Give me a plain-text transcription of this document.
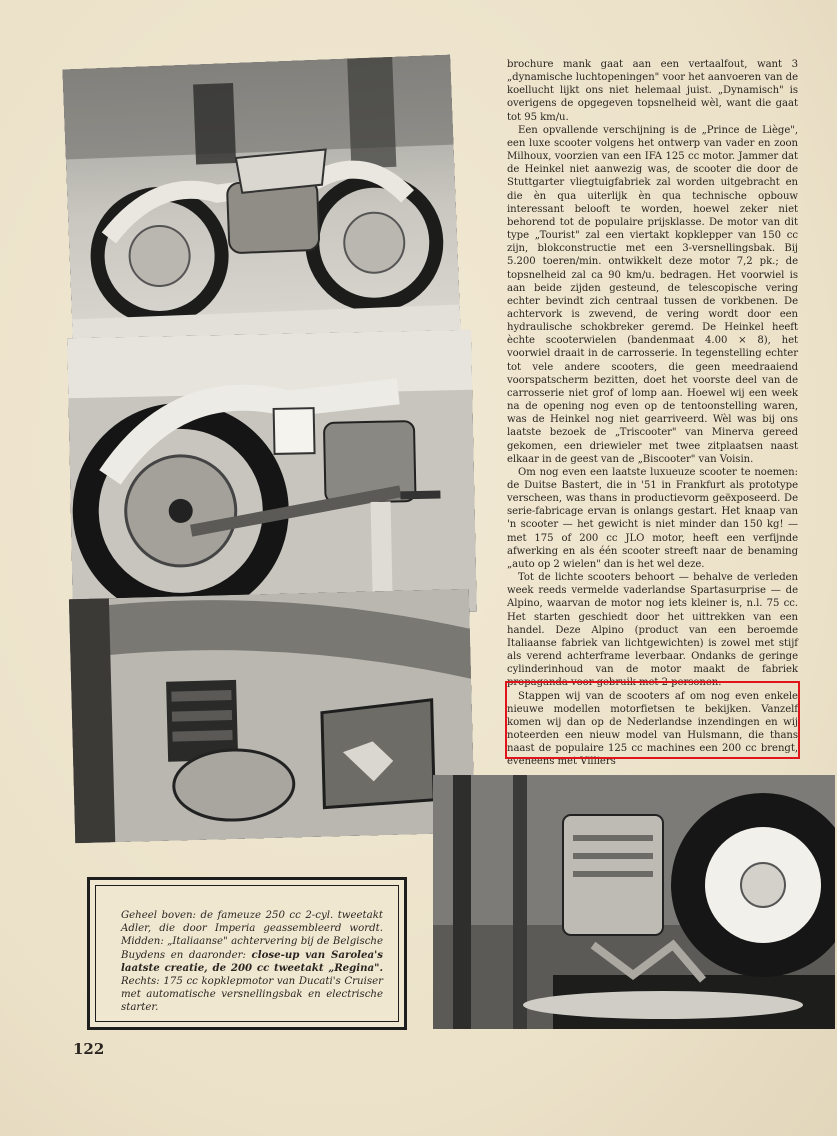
brochure mank gaat aan een vertaalfout, want 3 „dynamische luchtopeningen" voor het aanvoeren van de koellucht lijkt ons niet helemaal juist. „Dynamisch" is overigens de opgegeven topsnelheid wèl, want die gaat tot 95 km/u.

Een opvallende verschijning is de „Prince de Liège", een luxe scooter volgens het ontwerp van vader en zoon Milhoux, voorzien van een IFA 125 cc motor. Jammer dat de Heinkel niet aanwezig was, de scooter die door de Stuttgarter vliegtuigfabriek zal worden uitgebracht en die èn qua uiterlijk èn qua technische opbouw interessant belooft te worden, hoewel zeker niet behorend tot de populaire prijsklasse. De motor van dit type „Tourist" zal een viertakt kopklepper van 150 cc zijn, blokconstructie met een 3-versnellingsbak. Bij 5.200 toeren/min. ontwikkelt deze motor 7,2 pk.; de topsnelheid zal ca 90 km/u. bedragen. Het voorwiel is aan beide zijden gesteund, de telescopische vering echter bevindt zich centraal tussen de vorkbenen. De achtervork is zwevend, de vering wordt door een hydraulische schokbreker geremd. De Heinkel heeft èchte scooterwielen (bandenmaat 4.00 × 8), het voorwiel draait in de carrosserie. In tegenstelling echter tot vele andere scooters, die geen meedraaiend voorspatscherm bezitten, doet het voorste deel van de carrosserie niet grof of lomp aan. Hoewel wij een week na de opening nog even op de tentoonstelling waren, was de Heinkel nog niet gearriveerd. Wèl was bij ons laatste bezoek de „Triscooter" van Minerva gereed gekomen, een driewieler met twee zitplaatsen naast elkaar in de geest van de „Biscooter" van Voisin.

Om nog even een laatste luxueuze scooter te noemen: de Duitse Bastert, die in '51 in Frankfurt als prototype verscheen, was thans in productievorm geëxposeerd. De serie-fabricage ervan is onlangs gestart. Het knaap van 'n scooter — het gewicht is niet minder dan 150 kg! — met 175 of 200 cc JLO motor, heeft een verfijnde afwerking en als één scooter streeft naar de benaming „auto op 2 wielen" dan is het wel deze.

Tot de lichte scooters behoort — behalve de verleden week reeds vermelde vaderlandse Spartasurprise — de Alpino, waarvan de motor nog iets kleiner is, n.l. 75 cc. Het starten geschiedt door het uittrekken van een handel. Deze Alpino (product van een beroemde Italiaanse fabriek van lichtgewichten) is zowel met stijf als verend achterframe leverbaar. Ondanks de geringe cylinderinhoud van de motor maakt de fabriek propaganda voor gebruik met 2 personen.

Stappen wij van de scooters af om nog even enkele nieuwe modellen motorfietsen te bekijken. Vanzelf komen wij dan op de Nederlandse inzendingen en wij noteerden een nieuw model van Hulsmann, die thans naast de populaire 125 cc machines een 200 cc brengt, eveneens met Villiers

Geheel boven: de fameuze 250 cc 2-cyl. tweetakt Adler, die door Imperia geassembleerd wordt. Midden: „Italiaanse" achtervering bij de Belgische Buydens en daaronder: close-up van Sarolea's laatste creatie, de 200 cc tweetakt „Regina". Rechts: 175 cc kopklepmotor van Ducati's Cruiser met automatische versnellingsbak en electrische starter.
122
